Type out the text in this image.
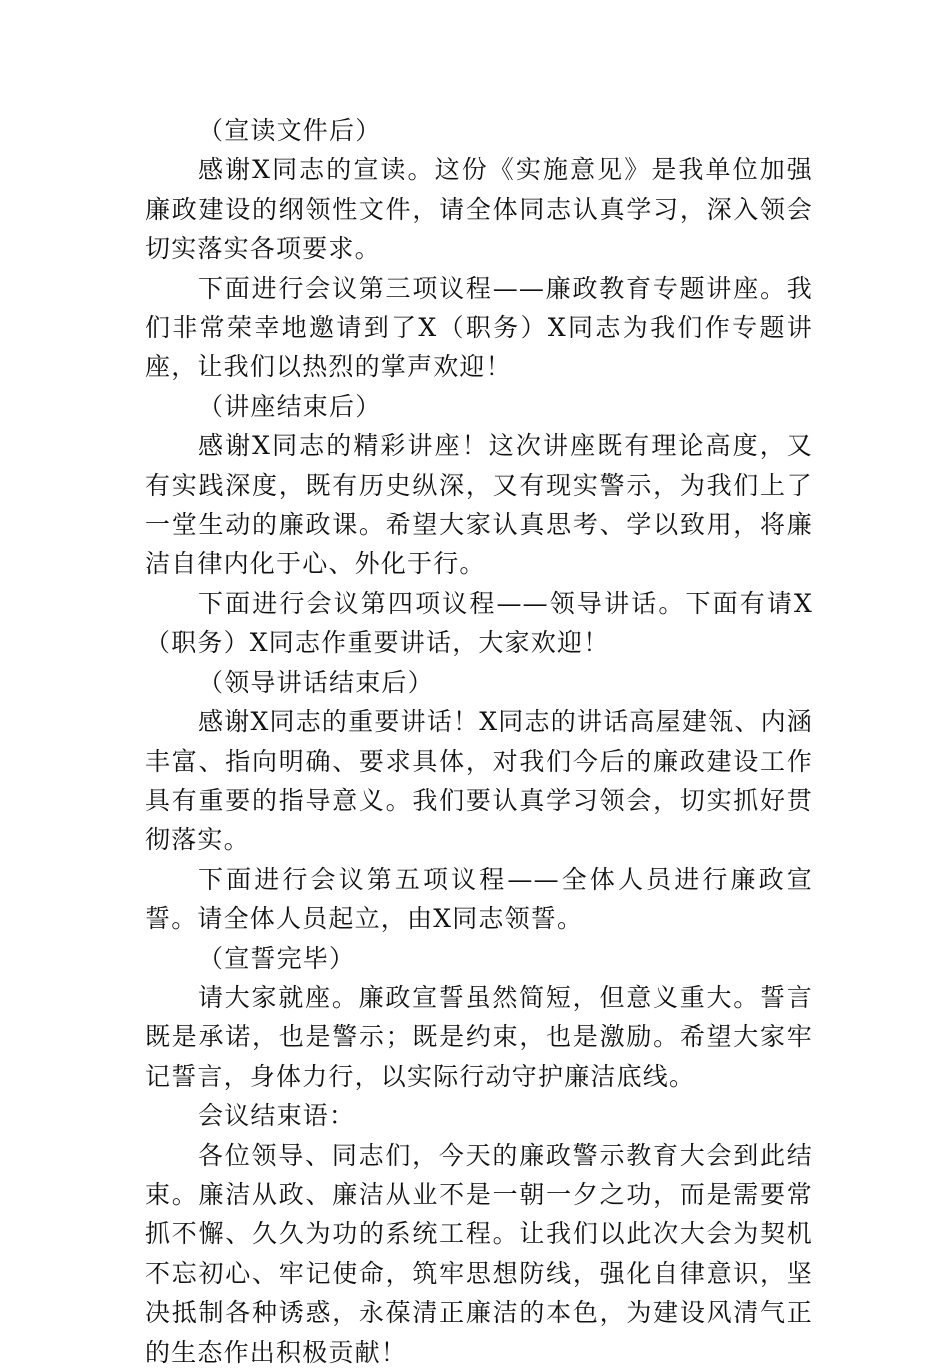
（宣读文件后）

感谢X同志的宣读。这份《实施意见》是我单位加强廉政建设的纲领性文件，请全体同志认真学习，深入领会切实落实各项要求。

下面进行会议第三项议程——廉政教育专题讲座。我们非常荣幸地邀请到了X（职务）X同志为我们作专题讲座，让我们以热烈的掌声欢迎！

（讲座结束后）

感谢X同志的精彩讲座！这次讲座既有理论高度，又有实践深度，既有历史纵深，又有现实警示，为我们上了一堂生动的廉政课。希望大家认真思考、学以致用，将廉洁自律内化于心、外化于行。

下面进行会议第四项议程——领导讲话。下面有请X（职务）X同志作重要讲话，大家欢迎！

（领导讲话结束后）

感谢X同志的重要讲话！X同志的讲话高屋建瓴、内涵丰富、指向明确、要求具体，对我们今后的廉政建设工作具有重要的指导意义。我们要认真学习领会，切实抓好贯彻落实。

下面进行会议第五项议程——全体人员进行廉政宣誓。请全体人员起立，由X同志领誓。

（宣誓完毕）

请大家就座。廉政宣誓虽然简短，但意义重大。誓言既是承诺，也是警示；既是约束，也是激励。希望大家牢记誓言，身体力行，以实际行动守护廉洁底线。

会议结束语：

各位领导、同志们，今天的廉政警示教育大会到此结束。廉洁从政、廉洁从业不是一朝一夕之功，而是需要常抓不懈、久久为功的系统工程。让我们以此次大会为契机不忘初心、牢记使命，筑牢思想防线，强化自律意识，坚决抵制各种诱惑，永葆清正廉洁的本色，为建设风清气正的生态作出积极贡献！
